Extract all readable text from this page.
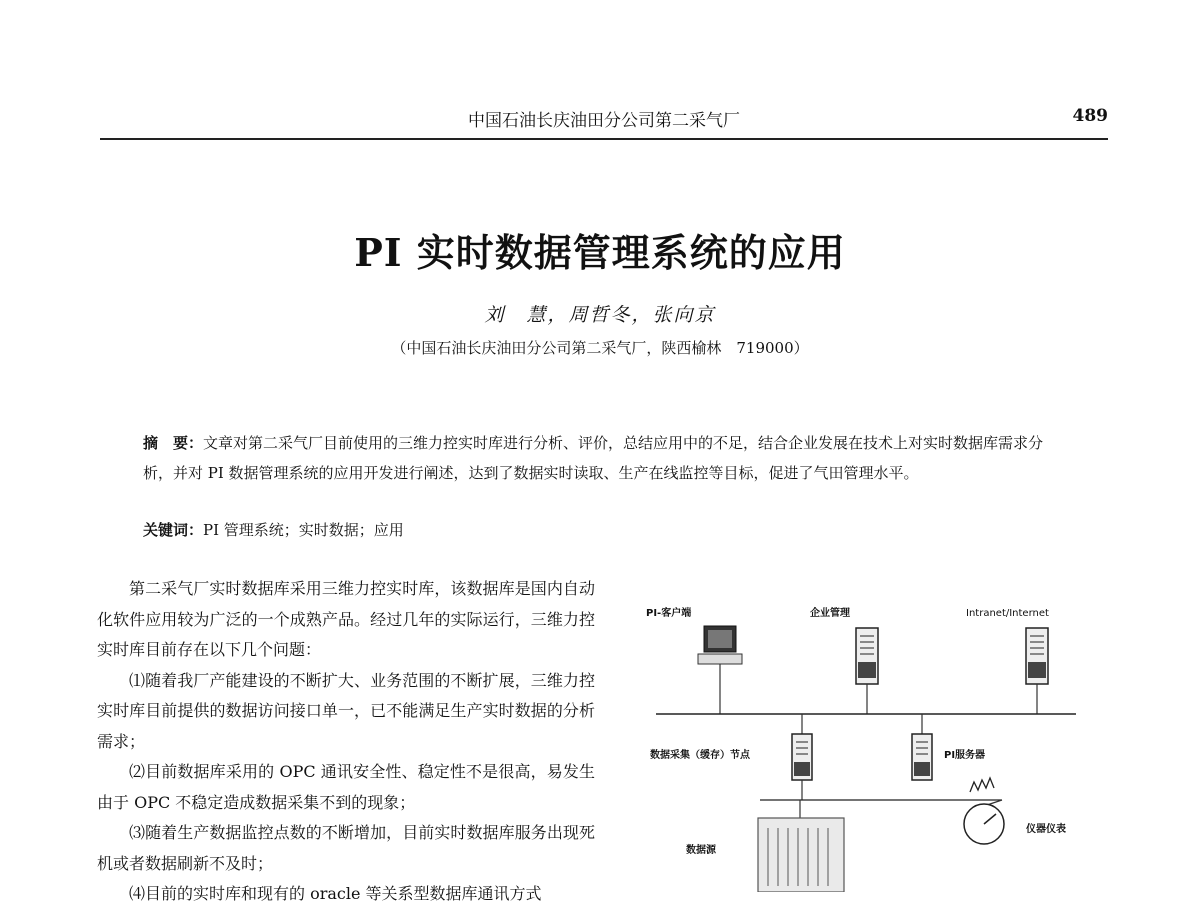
中国石油长庆油田分公司第二采气厂	489
PI 实时数据管理系统的应用
刘　慧，周哲冬，张向京
（中国石油长庆油田分公司第二采气厂，陕西榆林　719000）
摘　要：文章对第二采气厂目前使用的三维力控实时库进行分析、评价，总结应用中的不足，结合企业发展在技术上对实时数据库需求分析，并对 PI 数据管理系统的应用开发进行阐述，达到了数据实时读取、生产在线监控等目标，促进了气田管理水平。
关键词：PI 管理系统；实时数据；应用

第二采气厂实时数据库采用三维力控实时库，该数据库是国内自动化软件应用较为广泛的一个成熟产品。经过几年的实际运行，三维力控实时库目前存在以下几个问题：

⑴随着我厂产能建设的不断扩大、业务范围的不断扩展，三维力控实时库目前提供的数据访问接口单一，已不能满足生产实时数据的分析需求；

⑵目前数据库采用的 OPC 通讯安全性、稳定性不是很高，易发生由于 OPC 不稳定造成数据采集不到的现象；

⑶随着生产数据监控点数的不断增加，目前实时数据库服务出现死机或者数据刷新不及时；

⑷目前的实时库和现有的 oracle 等关系型数据库通讯方式

PI-客户端	企业管理	Intranet/Internet
数据采集（缓存）节点	PI服务器
数据源
仪器仪表
